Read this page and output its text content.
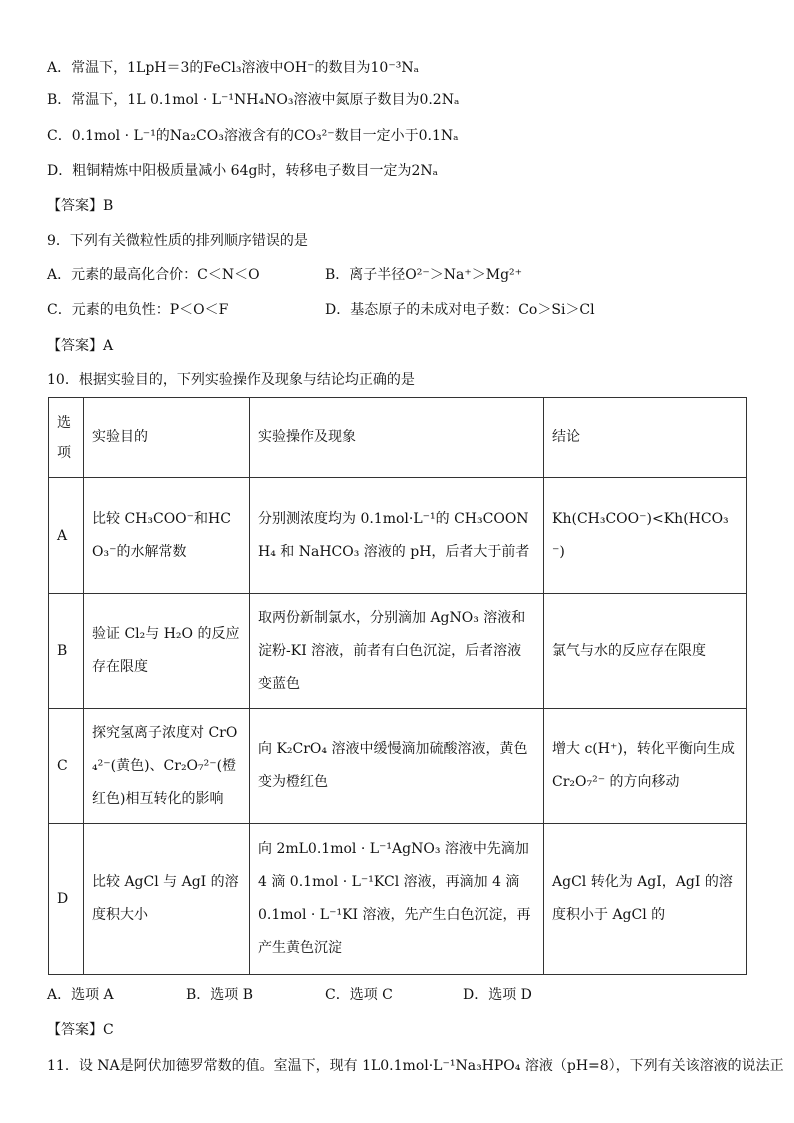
A．常温下，1LpH＝3的FeCl₃溶液中OH⁻的数目为10⁻³Nₐ
B．常温下，1L 0.1mol · L⁻¹NH₄NO₃溶液中氮原子数目为0.2Nₐ
C．0.1mol · L⁻¹的Na₂CO₃溶液含有的CO₃²⁻数目一定小于0.1Nₐ
D．粗铜精炼中阳极质量减小 64g时，转移电子数目一定为2Nₐ
【答案】B
9．下列有关微粒性质的排列顺序错误的是
A．元素的最高化合价：C＜N＜O	B．离子半径O²⁻＞Na⁺＞Mg²⁺
C．元素的电负性：P＜O＜F	D．基态原子的未成对电子数：Co＞Si＞Cl
【答案】A
10．根据实验目的，下列实验操作及现象与结论均正确的是
选项	实验目的	实验操作及现象	结论
A	比较 CH₃COO⁻和HCO₃⁻的水解常数	分别测浓度均为 0.1mol·L⁻¹的 CH₃COONH₄ 和 NaHCO₃ 溶液的 pH，后者大于前者	Kh(CH₃COO⁻)<Kh(HCO₃⁻)
B	验证 Cl₂与 H₂O 的反应存在限度	取两份新制氯水，分别滴加 AgNO₃ 溶液和淀粉-KI 溶液，前者有白色沉淀，后者溶液变蓝色	氯气与水的反应存在限度
C	探究氢离子浓度对 CrO₄²⁻(黄色)、Cr₂O₇²⁻(橙红色)相互转化的影响	向 K₂CrO₄ 溶液中缓慢滴加硫酸溶液，黄色变为橙红色	增大 c(H⁺)，转化平衡向生成 Cr₂O₇²⁻ 的方向移动
D	比较 AgCl 与 AgI 的溶度积大小	向 2mL0.1mol · L⁻¹AgNO₃ 溶液中先滴加 4 滴 0.1mol · L⁻¹KCl 溶液，再滴加 4 滴 0.1mol · L⁻¹KI 溶液，先产生白色沉淀，再产生黄色沉淀	AgCl 转化为 AgI，AgI 的溶度积小于 AgCl 的
A．选项 A	B．选项 B	C．选项 C	D．选项 D
【答案】C
11．设 NA是阿伏加德罗常数的值。室温下，现有 1L0.1mol·L⁻¹Na₃HPO₄ 溶液（pH=8），下列有关该溶液的说法正
